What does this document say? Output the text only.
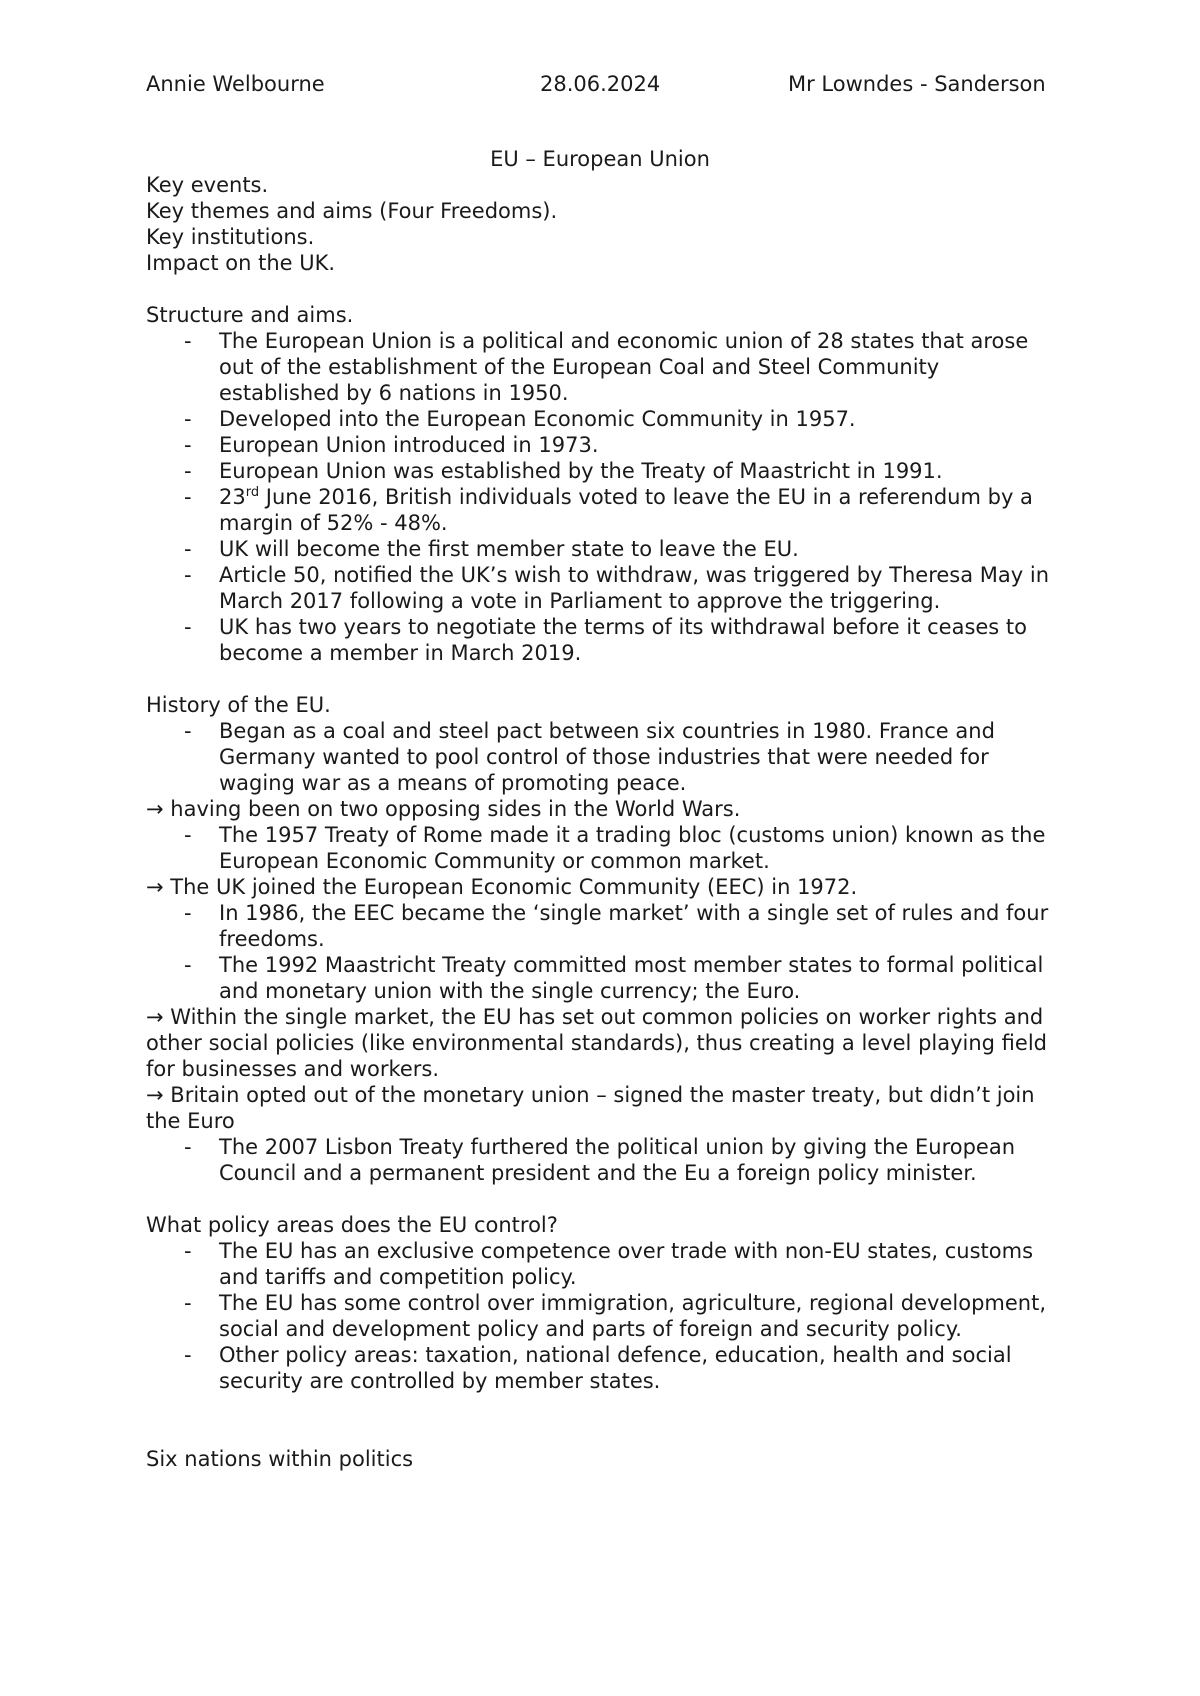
Annie Welbourne	28.06.2024	Mr Lowndes - Sanderson
EU – European Union
Key events.
Key themes and aims (Four Freedoms).
Key institutions.
Impact on the UK.
Structure and aims.
- The European Union is a political and economic union of 28 states that arose out of the establishment of the European Coal and Steel Community established by 6 nations in 1950.
- Developed into the European Economic Community in 1957.
- European Union introduced in 1973.
- European Union was established by the Treaty of Maastricht in 1991.
- 23rd June 2016, British individuals voted to leave the EU in a referendum by a margin of 52% - 48%.
- UK will become the first member state to leave the EU.
- Article 50, notified the UK’s wish to withdraw, was triggered by Theresa May in March 2017 following a vote in Parliament to approve the triggering.
- UK has two years to negotiate the terms of its withdrawal before it ceases to become a member in March 2019.
History of the EU.
- Began as a coal and steel pact between six countries in 1980. France and Germany wanted to pool control of those industries that were needed for waging war as a means of promoting peace.
→ having been on two opposing sides in the World Wars.
- The 1957 Treaty of Rome made it a trading bloc (customs union) known as the European Economic Community or common market.
→ The UK joined the European Economic Community (EEC) in 1972.
- In 1986, the EEC became the ‘single market’ with a single set of rules and four freedoms.
- The 1992 Maastricht Treaty committed most member states to formal political and monetary union with the single currency; the Euro.
→ Within the single market, the EU has set out common policies on worker rights and other social policies (like environmental standards), thus creating a level playing field for businesses and workers.
→ Britain opted out of the monetary union – signed the master treaty, but didn’t join the Euro
- The 2007 Lisbon Treaty furthered the political union by giving the European Council and a permanent president and the Eu a foreign policy minister.
What policy areas does the EU control?
- The EU has an exclusive competence over trade with non-EU states, customs and tariffs and competition policy.
- The EU has some control over immigration, agriculture, regional development, social and development policy and parts of foreign and security policy.
- Other policy areas: taxation, national defence, education, health and social security are controlled by member states.
Six nations within politics
